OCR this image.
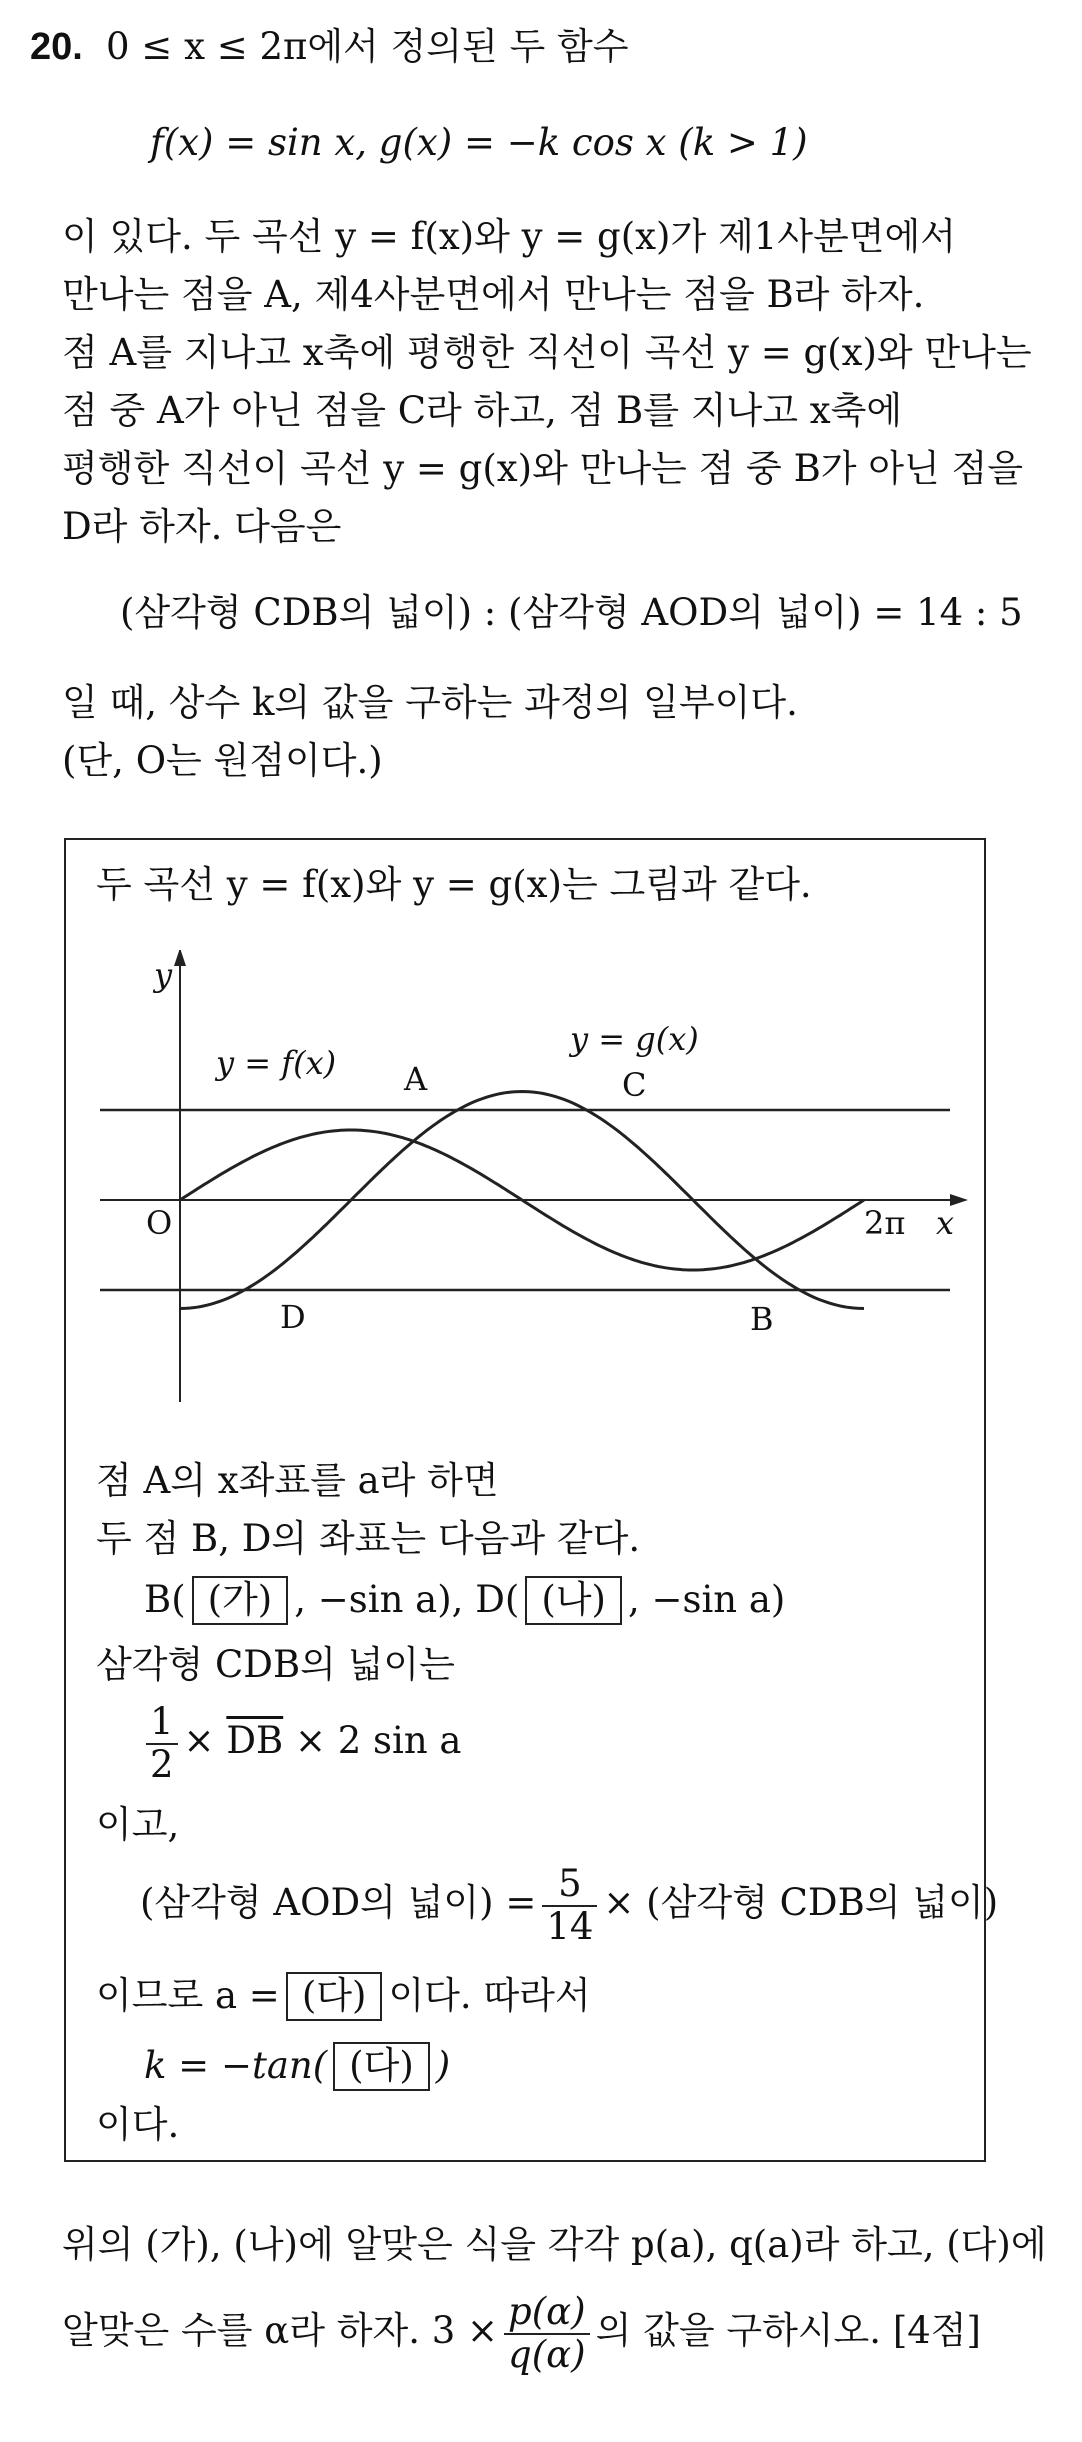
20. 0 ≤ x ≤ 2π에서 정의된 두 함수
f(x) = sin x, g(x) = −k cos x (k > 1)
이 있다. 두 곡선 y = f(x)와 y = g(x)가 제1사분면에서
만나는 점을 A, 제4사분면에서 만나는 점을 B라 하자.
점 A를 지나고 x축에 평행한 직선이 곡선 y = g(x)와 만나는
점 중 A가 아닌 점을 C라 하고, 점 B를 지나고 x축에
평행한 직선이 곡선 y = g(x)와 만나는 점 중 B가 아닌 점을
D라 하자. 다음은
(삼각형 CDB의 넓이) : (삼각형 AOD의 넓이) = 14 : 5
일 때, 상수 k의 값을 구하는 과정의 일부이다.
(단, O는 원점이다.)
두 곡선 y = f(x)와 y = g(x)는 그림과 같다.
y
x
O	2π
y = f(x)
y = g(x)
A	C
D	B
점 A의 x좌표를 a라 하면
두 점 B, D의 좌표는 다음과 같다.
B( (가) , −sin a), D( (나) , −sin a)
삼각형 CDB의 넓이는
$\frac{1}{2} \times \overline{DB} \times 2$ sin a
이고,
(삼각형 AOD의 넓이) = $\frac{5}{14}$ × (삼각형 CDB의 넓이)
이므로 a = (다) 이다. 따라서
k = −tan( (다) )
이다.
위의 (가), (나)에 알맞은 식을 각각 p(a), q(a)라 하고, (다)에
알맞은 수를 α라 하자. $3 \times \frac{p(\alpha)}{q(\alpha)}$ 의 값을 구하시오. [4점]
